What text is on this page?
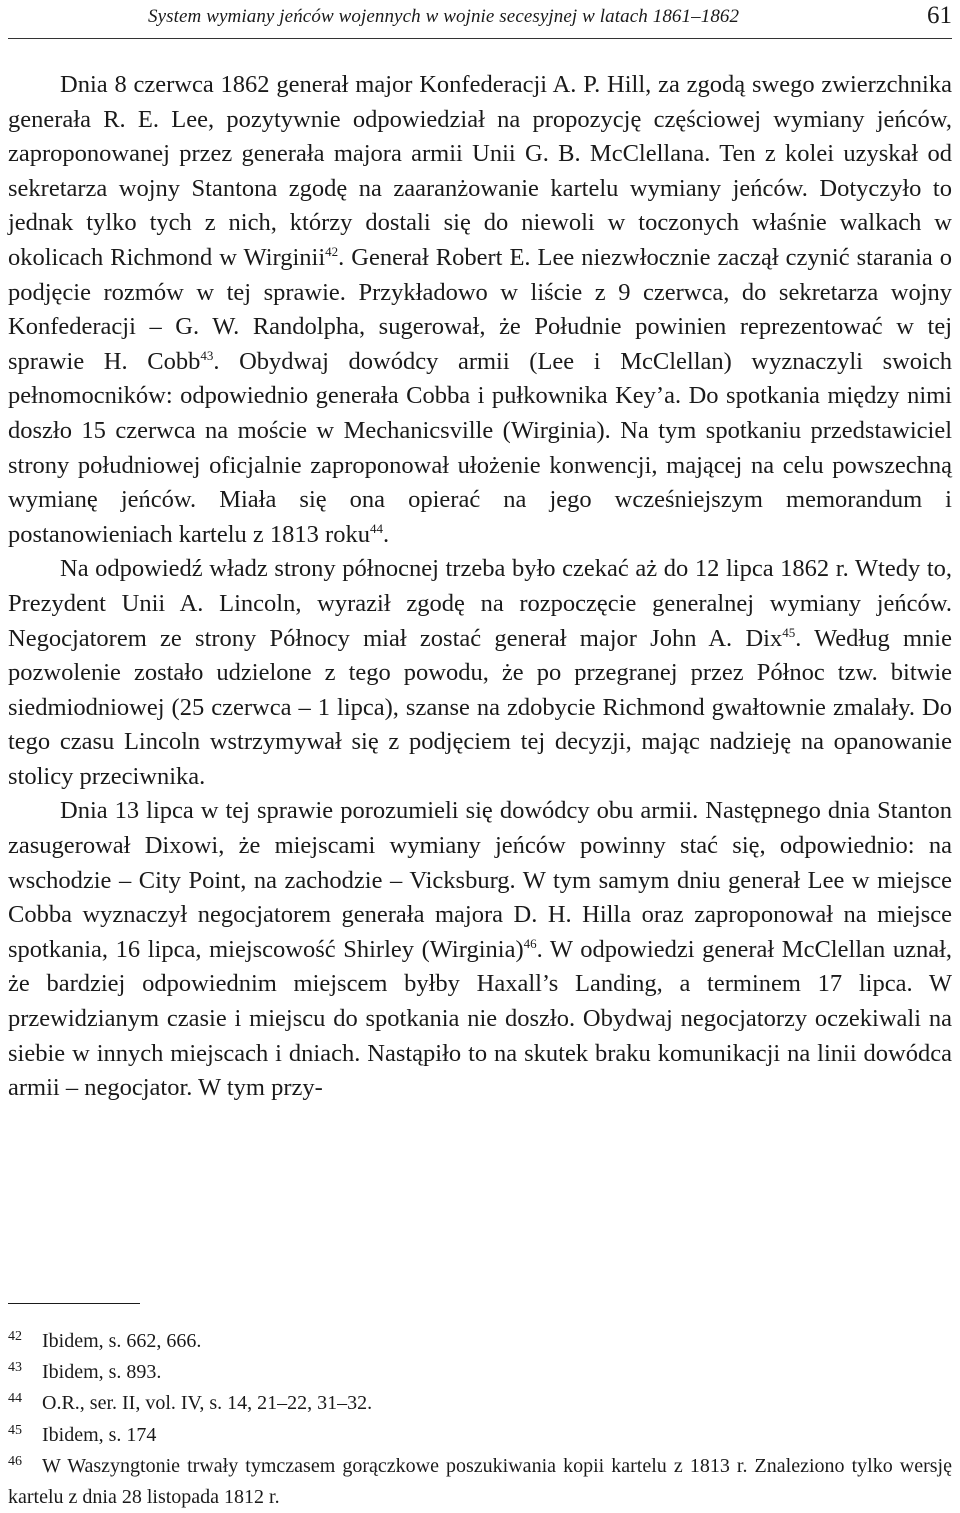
System wymiany jeńców wojennych w wojnie secesyjnej w latach 1861–1862	61

Dnia 8 czerwca 1862 generał major Konfederacji A. P. Hill, za zgodą swego zwierzchnika generała R. E. Lee, pozytywnie odpowiedział na propozycję częściowej wymiany jeńców, zaproponowanej przez generała majora armii Unii G. B. McClellana. Ten z kolei uzyskał od sekretarza wojny Stantona zgodę na zaaranżowanie kartelu wymiany jeńców. Dotyczyło to jednak tylko tych z nich, którzy dostali się do niewoli w toczonych właśnie walkach w okolicach Richmond w Wirginii$^{42}$. Generał Robert E. Lee niezwłocznie zaczął czynić starania o podjęcie rozmów w tej sprawie. Przykładowo w liście z 9 czerwca, do sekretarza wojny Konfederacji – G. W. Randolpha, sugerował, że Południe powinien reprezentować w tej sprawie H. Cobb$^{43}$. Obydwaj dowódcy armii (Lee i McClellan) wyznaczyli swoich pełnomocników: odpowiednio generała Cobba i pułkownika Key’a. Do spotkania między nimi doszło 15 czerwca na moście w Mechanicsville (Wirginia). Na tym spotkaniu przedstawiciel strony południowej oficjalnie zaproponował ułożenie konwencji, mającej na celu powszechną wymianę jeńców. Miała się ona opierać na jego wcześniejszym memorandum i postanowieniach kartelu z 1813 roku$^{44}$.

Na odpowiedź władz strony północnej trzeba było czekać aż do 12 lipca 1862 r. Wtedy to, Prezydent Unii A. Lincoln, wyraził zgodę na rozpoczęcie generalnej wymiany jeńców. Negocjatorem ze strony Północy miał zostać generał major John A. Dix$^{45}$. Według mnie pozwolenie zostało udzielone z tego powodu, że po przegranej przez Północ tzw. bitwie siedmiodniowej (25 czerwca – 1 lipca), szanse na zdobycie Richmond gwałtownie zmalały. Do tego czasu Lincoln wstrzymywał się z podjęciem tej decyzji, mając nadzieję na opanowanie stolicy przeciwnika.

Dnia 13 lipca w tej sprawie porozumieli się dowódcy obu armii. Następnego dnia Stanton zasugerował Dixowi, że miejscami wymiany jeńców powinny stać się, odpowiednio: na wschodzie – City Point, na zachodzie – Vicksburg. W tym samym dniu generał Lee w miejsce Cobba wyznaczył negocjatorem generała majora D. H. Hilla oraz zaproponował na miejsce spotkania, 16 lipca, miejscowość Shirley (Wirginia)$^{46}$. W odpowiedzi generał McClellan uznał, że bardziej odpowiednim miejscem byłby Haxall’s Landing, a terminem 17 lipca. W przewidzianym czasie i miejscu do spotkania nie doszło. Obydwaj negocjatorzy oczekiwali na siebie w innych miejscach i dniach. Nastąpiło to na skutek braku komunikacji na linii dowódca armii – negocjator. W tym przy-

42 Ibidem, s. 662, 666.
43 Ibidem, s. 893.
44 O.R., ser. II, vol. IV, s. 14, 21–22, 31–32.
45 Ibidem, s. 174
46 W Waszyngtonie trwały tymczasem gorączkowe poszukiwania kopii kartelu z 1813 r. Znaleziono tylko wersję kartelu z dnia 28 listopada 1812 r.
